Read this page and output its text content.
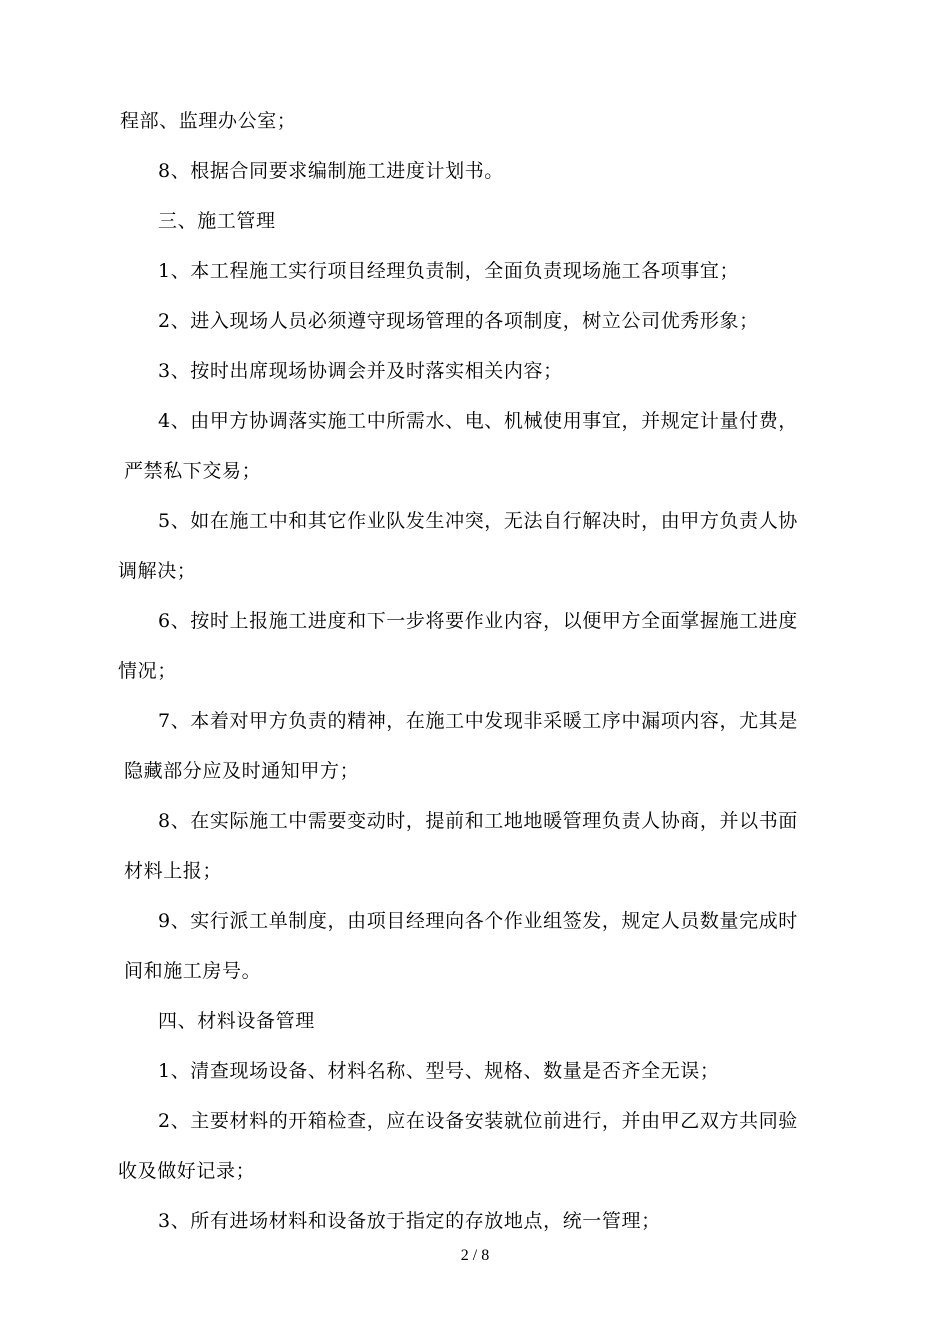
程部、监理办公室；
8、根据合同要求编制施工进度计划书。
三、施工管理
1、本工程施工实行项目经理负责制，全面负责现场施工各项事宜；
2、进入现场人员必须遵守现场管理的各项制度，树立公司优秀形象；
3、按时出席现场协调会并及时落实相关内容；
4、由甲方协调落实施工中所需水、电、机械使用事宜，并规定计量付费，
严禁私下交易；
5、如在施工中和其它作业队发生冲突，无法自行解决时，由甲方负责人协
调解决；
6、按时上报施工进度和下一步将要作业内容，以便甲方全面掌握施工进度
情况；
7、本着对甲方负责的精神，在施工中发现非采暖工序中漏项内容，尤其是
隐藏部分应及时通知甲方；
8、在实际施工中需要变动时，提前和工地地暖管理负责人协商，并以书面
材料上报；
9、实行派工单制度，由项目经理向各个作业组签发，规定人员数量完成时
间和施工房号。
四、材料设备管理
1、清查现场设备、材料名称、型号、规格、数量是否齐全无误；
2、主要材料的开箱检查，应在设备安装就位前进行，并由甲乙双方共同验
收及做好记录；
3、所有进场材料和设备放于指定的存放地点，统一管理；
2 / 8
